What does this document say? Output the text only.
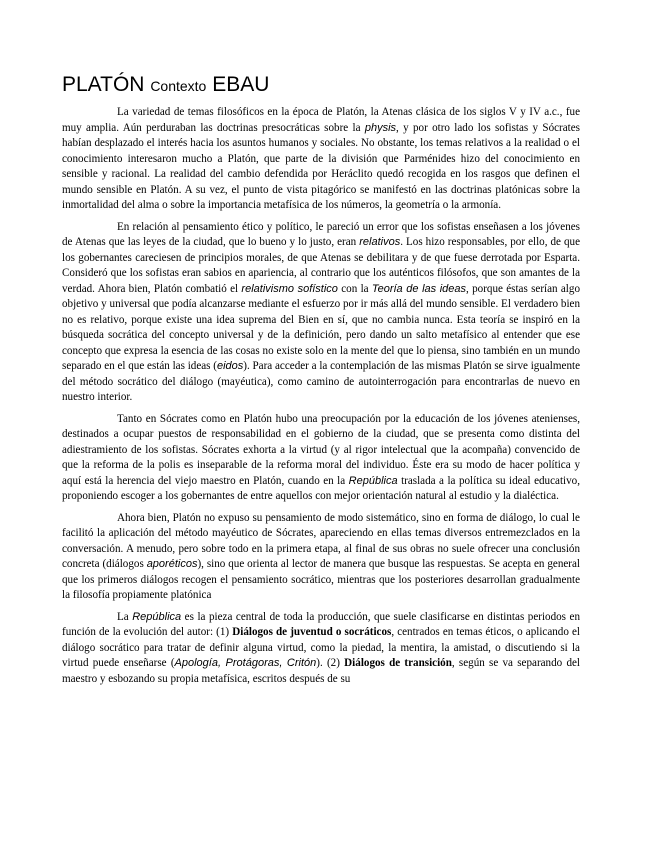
PLATÓN Contexto EBAU

La variedad de temas filosóficos en la época de Platón, la Atenas clásica de los siglos V y IV a.c., fue muy amplia. Aún perduraban las doctrinas presocráticas sobre la physis, y por otro lado los sofistas y Sócrates habían desplazado el interés hacia los asuntos humanos y sociales. No obstante, los temas relativos a la realidad o el conocimiento interesaron mucho a Platón, que parte de la división que Parménides hizo del conocimiento en sensible y racional. La realidad del cambio defendida por Heráclito quedó recogida en los rasgos que definen el mundo sensible en Platón. A su vez, el punto de vista pitagórico se manifestó en las doctrinas platónicas sobre la inmortalidad del alma o sobre la importancia metafísica de los números, la geometría o la armonía.

En relación al pensamiento ético y político, le pareció un error que los sofistas enseñasen a los jóvenes de Atenas que las leyes de la ciudad, que lo bueno y lo justo, eran relativos. Los hizo responsables, por ello, de que los gobernantes careciesen de principios morales, de que Atenas se debilitara y de que fuese derrotada por Esparta. Consideró que los sofistas eran sabios en apariencia, al contrario que los auténticos filósofos, que son amantes de la verdad. Ahora bien, Platón combatió el relativismo sofístico con la Teoría de las ideas, porque éstas serían algo objetivo y universal que podía alcanzarse mediante el esfuerzo por ir más allá del mundo sensible. El verdadero bien no es relativo, porque existe una idea suprema del Bien en sí, que no cambia nunca. Esta teoría se inspiró en la búsqueda socrática del concepto universal y de la definición, pero dando un salto metafísico al entender que ese concepto que expresa la esencia de las cosas no existe solo en la mente del que lo piensa, sino también en un mundo separado en el que están las ideas (eidos). Para acceder a la contemplación de las mismas Platón se sirve igualmente del método socrático del diálogo (mayéutica), como camino de autointerrogación para encontrarlas de nuevo en nuestro interior.

Tanto en Sócrates como en Platón hubo una preocupación por la educación de los jóvenes atenienses, destinados a ocupar puestos de responsabilidad en el gobierno de la ciudad, que se presenta como distinta del adiestramiento de los sofistas. Sócrates exhorta a la virtud (y al rigor intelectual que la acompaña) convencido de que la reforma de la polis es inseparable de la reforma moral del individuo. Éste era su modo de hacer política y aquí está la herencia del viejo maestro en Platón, cuando en la República traslada a la política su ideal educativo, proponiendo escoger a los gobernantes de entre aquellos con mejor orientación natural al estudio y la dialéctica.

Ahora bien, Platón no expuso su pensamiento de modo sistemático, sino en forma de diálogo, lo cual le facilitó la aplicación del método mayéutico de Sócrates, apareciendo en ellas temas diversos entremezclados en la conversación. A menudo, pero sobre todo en la primera etapa, al final de sus obras no suele ofrecer una conclusión concreta (diálogos aporéticos), sino que orienta al lector de manera que busque las respuestas. Se acepta en general que los primeros diálogos recogen el pensamiento socrático, mientras que los posteriores desarrollan gradualmente la filosofía propiamente platónica

La República es la pieza central de toda la producción, que suele clasificarse en distintas periodos en función de la evolución del autor: (1) Diálogos de juventud o socráticos, centrados en temas éticos, o aplicando el diálogo socrático para tratar de definir alguna virtud, como la piedad, la mentira, la amistad, o discutiendo si la virtud puede enseñarse (Apología, Protágoras, Critón). (2) Diálogos de transición, según se va separando del maestro y esbozando su propia metafísica, escritos después de su
